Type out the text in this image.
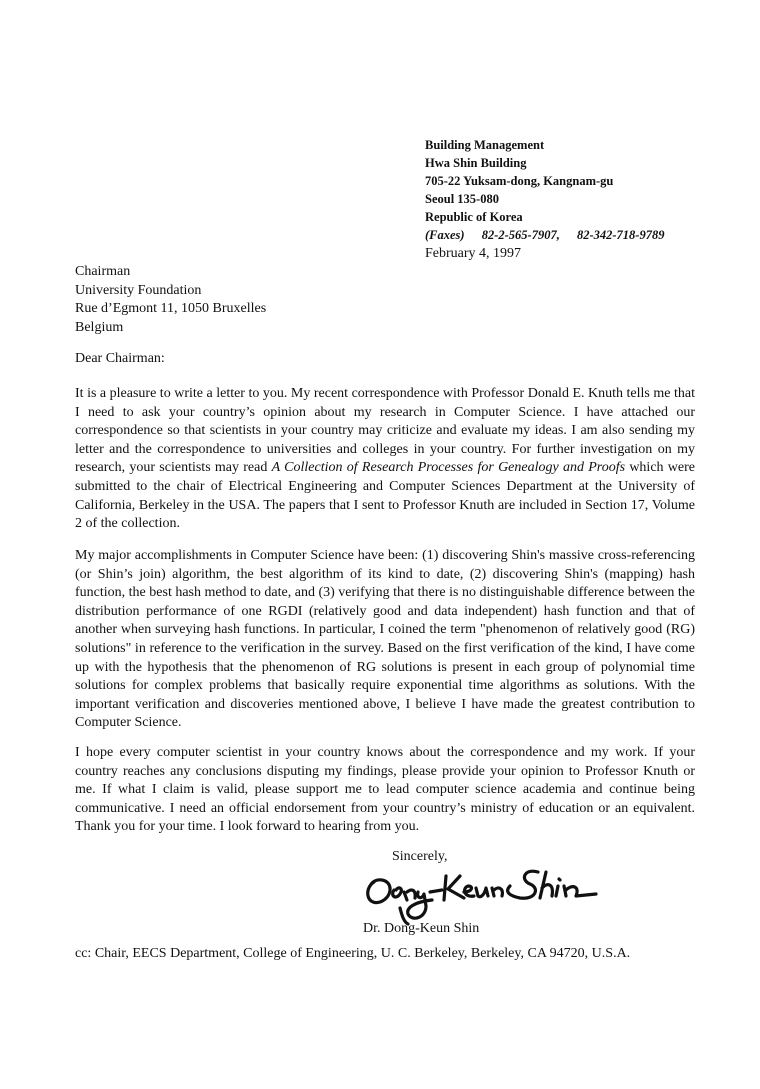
Building Management
Hwa Shin Building
705-22 Yuksam-dong, Kangnam-gu
Seoul 135-080
Republic of Korea
(Faxes) 82-2-565-7907, 82-342-718-9789
February 4, 1997
Chairman
University Foundation
Rue d’Egmont 11, 1050 Bruxelles
Belgium
Dear Chairman:
It is a pleasure to write a letter to you. My recent correspondence with Professor Donald E. Knuth tells me that I need to ask your country’s opinion about my research in Computer Science. I have attached our correspondence so that scientists in your country may criticize and evaluate my ideas. I am also sending my letter and the correspondence to universities and colleges in your country. For further investigation on my research, your scientists may read A Collection of Research Processes for Genealogy and Proofs which were submitted to the chair of Electrical Engineering and Computer Sciences Department at the University of California, Berkeley in the USA. The papers that I sent to Professor Knuth are included in Section 17, Volume 2 of the collection.
My major accomplishments in Computer Science have been: (1) discovering Shin's massive cross-referencing (or Shin’s join) algorithm, the best algorithm of its kind to date, (2) discovering Shin's (mapping) hash function, the best hash method to date, and (3) verifying that there is no distinguishable difference between the distribution performance of one RGDI (relatively good and data independent) hash function and that of another when surveying hash functions. In particular, I coined the term "phenomenon of relatively good (RG) solutions" in reference to the verification in the survey. Based on the first verification of the kind, I have come up with the hypothesis that the phenomenon of RG solutions is present in each group of polynomial time solutions for complex problems that basically require exponential time algorithms as solutions. With the important verification and discoveries mentioned above, I believe I have made the greatest contribution to Computer Science.
I hope every computer scientist in your country knows about the correspondence and my work. If your country reaches any conclusions disputing my findings, please provide your opinion to Professor Knuth or me. If what I claim is valid, please support me to lead computer science academia and continue being communicative. I need an official endorsement from your country’s ministry of education or an equivalent. Thank you for your time. I look forward to hearing from you.
Sincerely,
Dr. Dong-Keun Shin
cc: Chair, EECS Department, College of Engineering, U. C. Berkeley, Berkeley, CA 94720, U.S.A.
